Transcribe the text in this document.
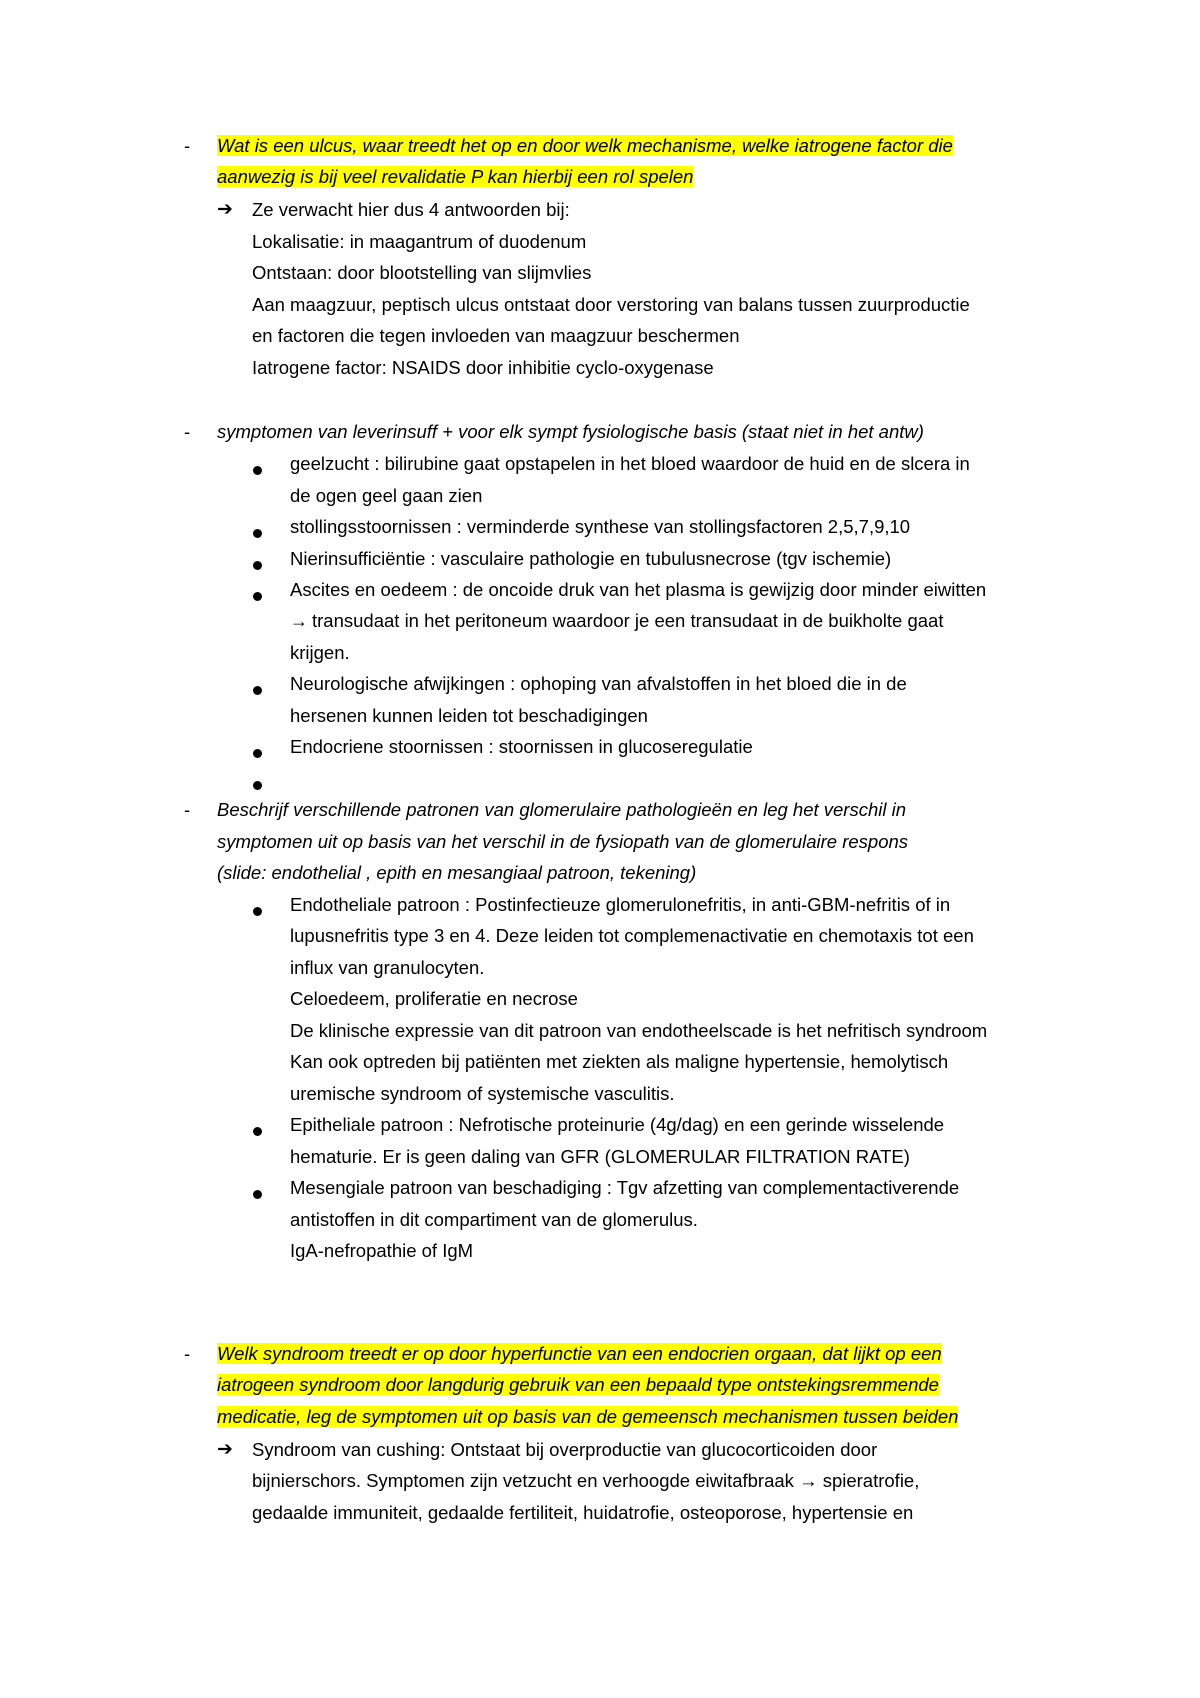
- Wat is een ulcus, waar treedt het op en door welk mechanisme, welke iatrogene factor die
aanwezig is bij veel revalidatie P kan hierbij een rol spelen
➔ Ze verwacht hier dus 4 antwoorden bij:
Lokalisatie: in maagantrum of duodenum
Ontstaan: door blootstelling van slijmvlies
Aan maagzuur, peptisch ulcus ontstaat door verstoring van balans tussen zuurproductie
en factoren die tegen invloeden van maagzuur beschermen
Iatrogene factor: NSAIDS door inhibitie cyclo-oxygenase
- symptomen van leverinsuff + voor elk sympt fysiologische basis (staat niet in het antw)
geelzucht : bilirubine gaat opstapelen in het bloed waardoor de huid en de slcera in
de ogen geel gaan zien
stollingsstoornissen : verminderde synthese van stollingsfactoren 2,5,7,9,10
Nierinsufficiëntie : vasculaire pathologie en tubulusnecrose (tgv ischemie)
Ascites en oedeem : de oncoide druk van het plasma is gewijzig door minder eiwitten
→ transudaat in het peritoneum waardoor je een transudaat in de buikholte gaat
krijgen.
Neurologische afwijkingen : ophoping van afvalstoffen in het bloed die in de
hersenen kunnen leiden tot beschadigingen
Endocriene stoornissen : stoornissen in glucoseregulatie
- Beschrijf verschillende patronen van glomerulaire pathologieën en leg het verschil in
symptomen uit op basis van het verschil in de fysiopath van de glomerulaire respons
(slide: endothelial , epith en mesangiaal patroon, tekening)
Endotheliale patroon : Postinfectieuze glomerulonefritis, in anti-GBM-nefritis of in
lupusnefritis type 3 en 4. Deze leiden tot complemenactivatie en chemotaxis tot een
influx van granulocyten.
Celoedeem, proliferatie en necrose
De klinische expressie van dit patroon van endotheelscade is het nefritisch syndroom
Kan ook optreden bij patiënten met ziekten als maligne hypertensie, hemolytisch
uremische syndroom of systemische vasculitis.
Epitheliale patroon : Nefrotische proteinurie (4g/dag) en een gerinde wisselende
hematurie. Er is geen daling van GFR (GLOMERULAR FILTRATION RATE)
Mesengiale patroon van beschadiging : Tgv afzetting van complementactiverende
antistoffen in dit compartiment van de glomerulus.
IgA-nefropathie of IgM
- Welk syndroom treedt er op door hyperfunctie van een endocrien orgaan, dat lijkt op een
iatrogeen syndroom door langdurig gebruik van een bepaald type ontstekingsremmende
medicatie, leg de symptomen uit op basis van de gemeensch mechanismen tussen beiden
➔ Syndroom van cushing: Ontstaat bij overproductie van glucocorticoiden door
bijnierschors. Symptomen zijn vetzucht en verhoogde eiwitafbraak → spieratrofie,
gedaalde immuniteit, gedaalde fertiliteit, huidatrofie, osteoporose, hypertensie en
